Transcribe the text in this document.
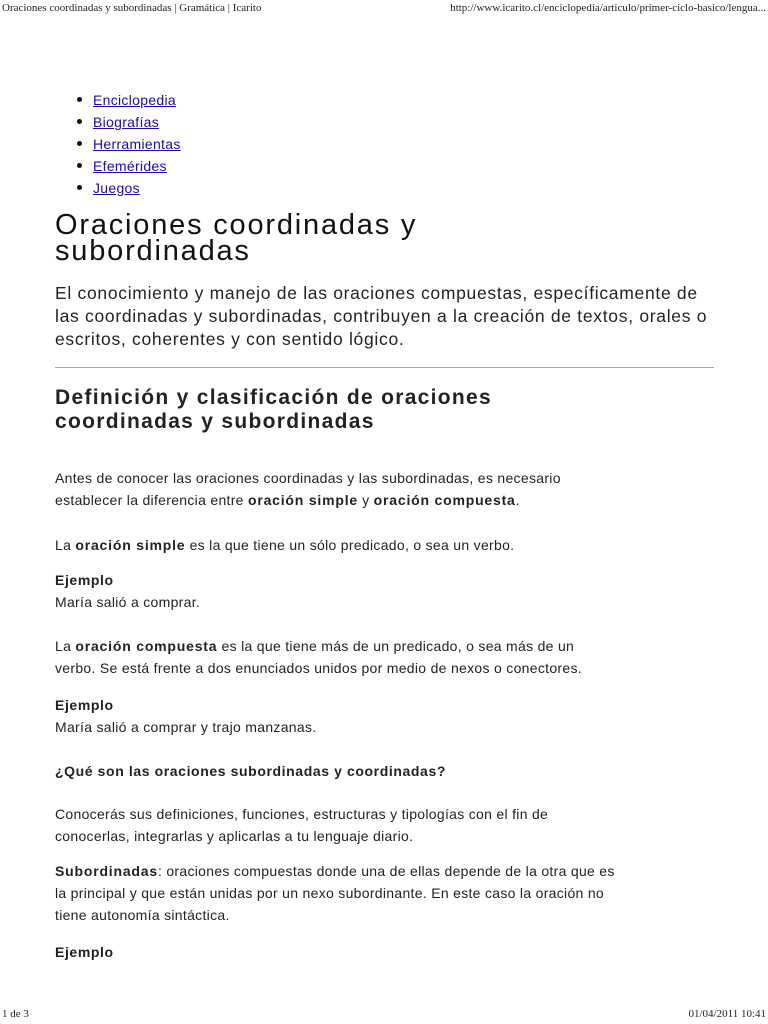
Oraciones coordinadas y subordinadas | Gramática | Icarito	http://www.icarito.cl/enciclopedia/articulo/primer-ciclo-basico/lengua...
Enciclopedia
Biografías
Herramientas
Efemérides
Juegos
Oraciones coordinadas y
subordinadas

El conocimiento y manejo de las oraciones compuestas, específicamente de las coordinadas y subordinadas, contribuyen a la creación de textos, orales o escritos, coherentes y con sentido lógico.

Definición y clasificación de oraciones
coordinadas y subordinadas

Antes de conocer las oraciones coordinadas y las subordinadas, es necesario

establecer la diferencia entre oración simple y oración compuesta.

La oración simple es la que tiene un sólo predicado, o sea un verbo.

Ejemplo

María salió a comprar.

La oración compuesta es la que tiene más de un predicado, o sea más de un

verbo. Se está frente a dos enunciados unidos por medio de nexos o conectores.

Ejemplo

María salió a comprar y trajo manzanas.

¿Qué son las oraciones subordinadas y coordinadas?

Conocerás sus definiciones, funciones, estructuras y tipologías con el fin de

conocerlas, integrarlas y aplicarlas a tu lenguaje diario.

Subordinadas: oraciones compuestas donde una de ellas depende de la otra que es

la principal y que están unidas por un nexo subordinante. En este caso la oración no

tiene autonomía sintáctica.

Ejemplo

1 de 3	01/04/2011 10:41
